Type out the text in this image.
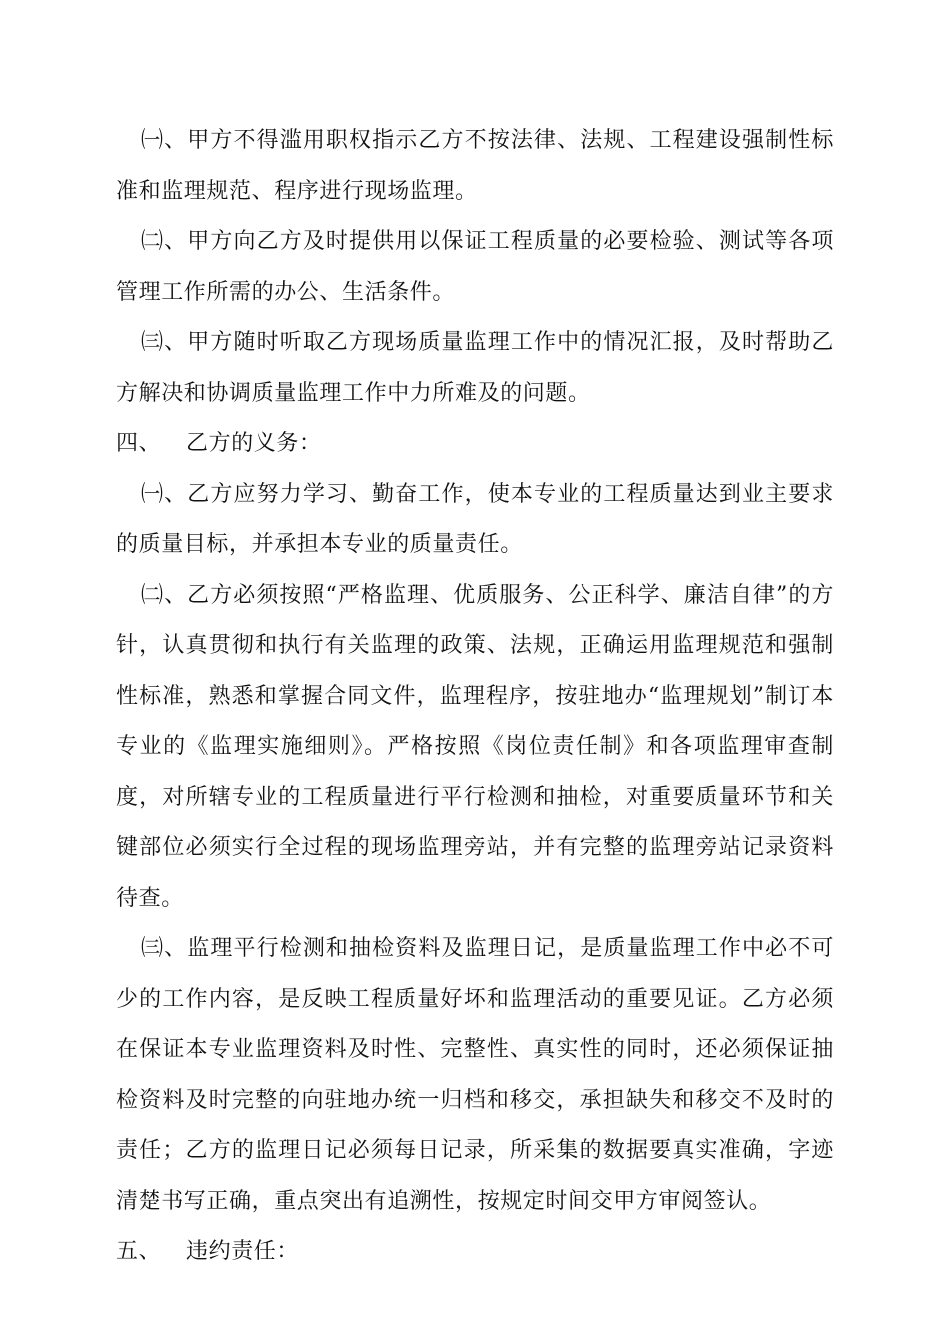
㈠、甲方不得滥用职权指示乙方不按法律、法规、工程建设强制性标准和监理规范、程序进行现场监理。

㈡、甲方向乙方及时提供用以保证工程质量的必要检验、测试等各项管理工作所需的办公、生活条件。

㈢、甲方随时听取乙方现场质量监理工作中的情况汇报，及时帮助乙方解决和协调质量监理工作中力所难及的问题。

四、 乙方的义务：

㈠、乙方应努力学习、勤奋工作，使本专业的工程质量达到业主要求的质量目标，并承担本专业的质量责任。

㈡、乙方必须按照“严格监理、优质服务、公正科学、廉洁自律”的方针，认真贯彻和执行有关监理的政策、法规，正确运用监理规范和强制性标准，熟悉和掌握合同文件，监理程序，按驻地办“监理规划”制订本专业的《监理实施细则》。严格按照《岗位责任制》和各项监理审查制度，对所辖专业的工程质量进行平行检测和抽检，对重要质量环节和关键部位必须实行全过程的现场监理旁站，并有完整的监理旁站记录资料待查。

㈢、监理平行检测和抽检资料及监理日记，是质量监理工作中必不可少的工作内容，是反映工程质量好坏和监理活动的重要见证。乙方必须在保证本专业监理资料及时性、完整性、真实性的同时，还必须保证抽检资料及时完整的向驻地办统一归档和移交，承担缺失和移交不及时的责任；乙方的监理日记必须每日记录，所采集的数据要真实准确，字迹清楚书写正确，重点突出有追溯性，按规定时间交甲方审阅签认。

五、 违约责任：
